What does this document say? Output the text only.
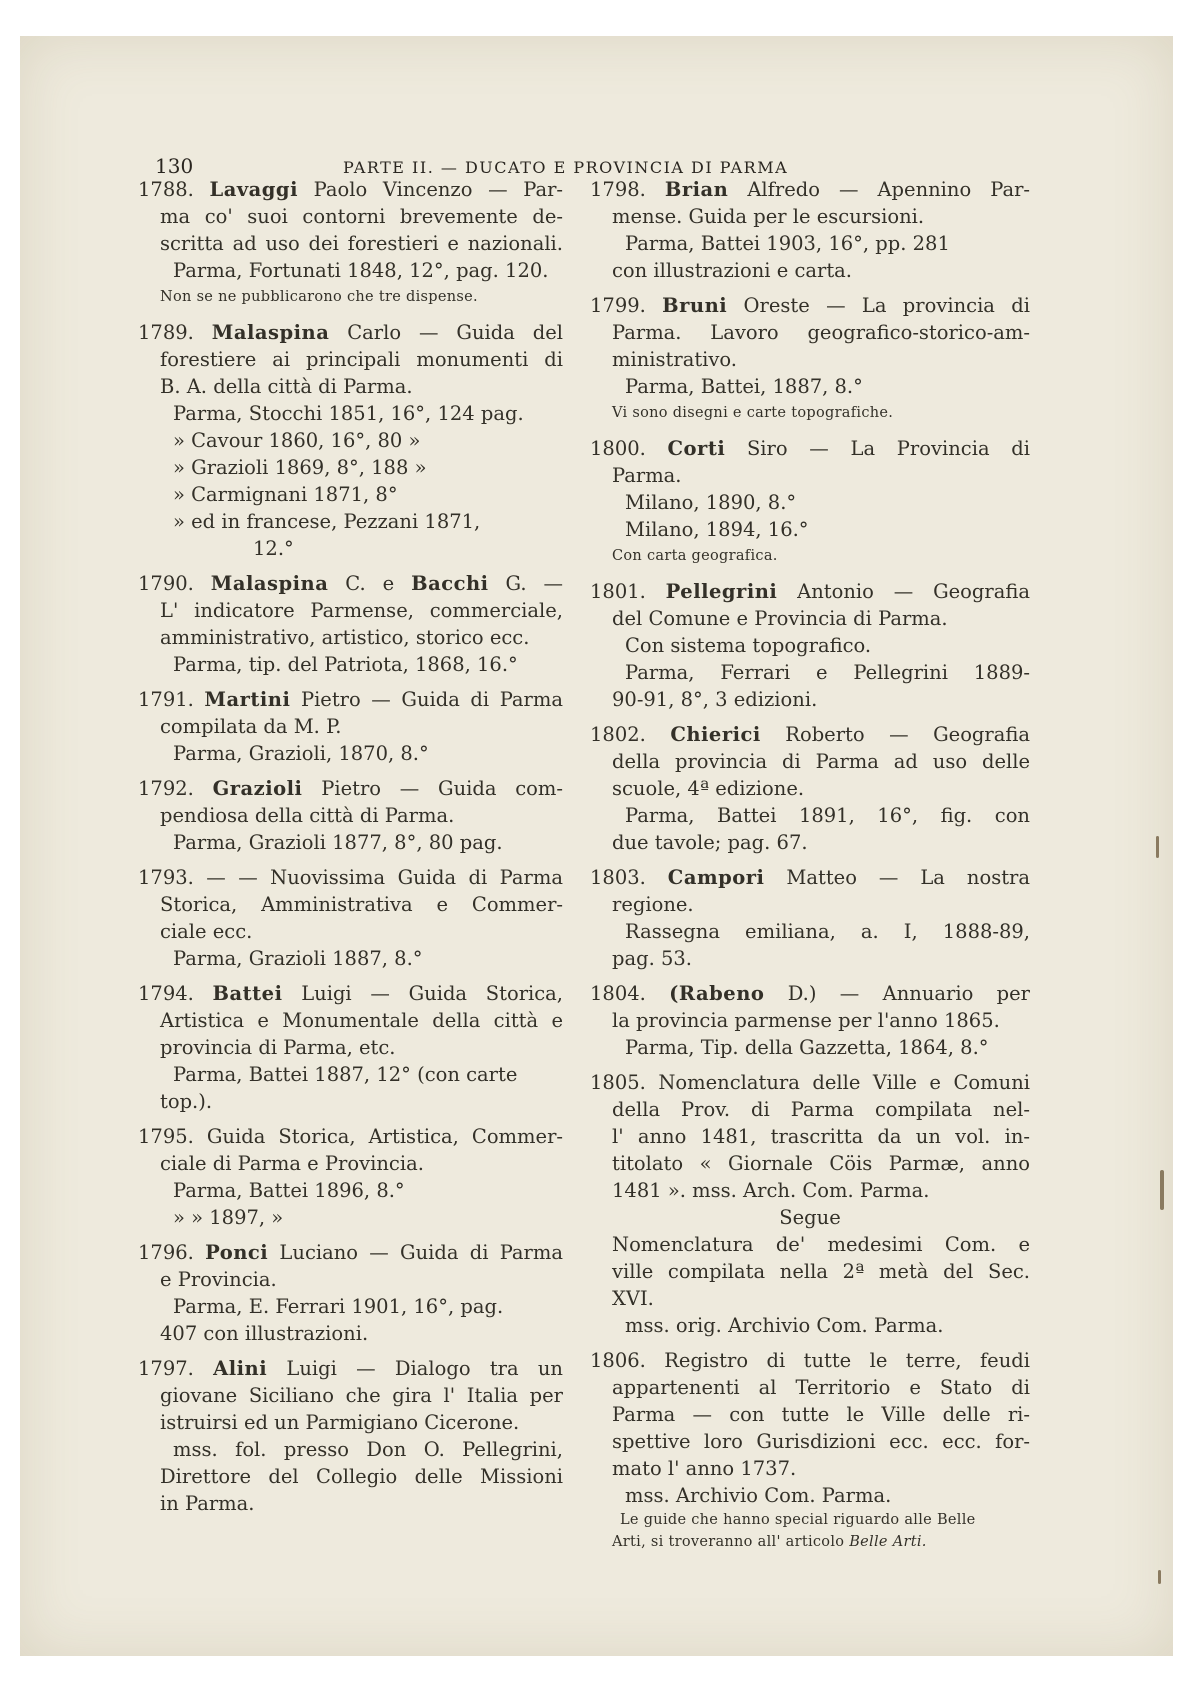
130	PARTE II. — DUCATO E PROVINCIA DI PARMA
1788. Lavaggi Paolo Vincenzo — Par-
ma co' suoi contorni brevemente de-
scritta ad uso dei forestieri e nazionali.
Parma, Fortunati 1848, 12°, pag. 120.
Non se ne pubblicarono che tre dispense.
1789. Malaspina Carlo — Guida del
forestiere ai principali monumenti di
B. A. della città di Parma.
Parma, Stocchi 1851, 16°, 124 pag.
» Cavour 1860, 16°, 80 »
» Grazioli 1869, 8°, 188 »
» Carmignani 1871, 8°
» ed in francese, Pezzani 1871,
12.°
1790. Malaspina C. e Bacchi G. —
L' indicatore Parmense, commerciale,
amministrativo, artistico, storico ecc.
Parma, tip. del Patriota, 1868, 16.°
1791. Martini Pietro — Guida di Parma
compilata da M. P.
Parma, Grazioli, 1870, 8.°
1792. Grazioli Pietro — Guida com-
pendiosa della città di Parma.
Parma, Grazioli 1877, 8°, 80 pag.
1793. — — Nuovissima Guida di Parma
Storica, Amministrativa e Commer-
ciale ecc.
Parma, Grazioli 1887, 8.°
1794. Battei Luigi — Guida Storica,
Artistica e Monumentale della città e
provincia di Parma, etc.
Parma, Battei 1887, 12° (con carte
top.).
1795. Guida Storica, Artistica, Commer-
ciale di Parma e Provincia.
Parma, Battei 1896, 8.°
» » 1897, »
1796. Ponci Luciano — Guida di Parma
e Provincia.
Parma, E. Ferrari 1901, 16°, pag.
407 con illustrazioni.
1797. Alini Luigi — Dialogo tra un
giovane Siciliano che gira l' Italia per
istruirsi ed un Parmigiano Cicerone.
mss. fol. presso Don O. Pellegrini,
Direttore del Collegio delle Missioni
in Parma.
1798. Brian Alfredo — Apennino Par-
mense. Guida per le escursioni.
Parma, Battei 1903, 16°, pp. 281
con illustrazioni e carta.
1799. Bruni Oreste — La provincia di
Parma. Lavoro geografico-storico-am-
ministrativo.
Parma, Battei, 1887, 8.°
Vi sono disegni e carte topografiche.
1800. Corti Siro — La Provincia di
Parma.
Milano, 1890, 8.°
Milano, 1894, 16.°
Con carta geografica.
1801. Pellegrini Antonio — Geografia
del Comune e Provincia di Parma.
Con sistema topografico.
Parma, Ferrari e Pellegrini 1889-
90-91, 8°, 3 edizioni.
1802. Chierici Roberto — Geografia
della provincia di Parma ad uso delle
scuole, 4ª edizione.
Parma, Battei 1891, 16°, fig. con
due tavole; pag. 67.
1803. Campori Matteo — La nostra
regione.
Rassegna emiliana, a. I, 1888-89,
pag. 53.
1804. (Rabeno D.) — Annuario per
la provincia parmense per l'anno 1865.
Parma, Tip. della Gazzetta, 1864, 8.°
1805. Nomenclatura delle Ville e Comuni
della Prov. di Parma compilata nel-
l' anno 1481, trascritta da un vol. in-
titolato « Giornale Cöis Parmæ, anno
1481 ». mss. Arch. Com. Parma.
Segue
Nomenclatura de' medesimi Com. e
ville compilata nella 2ª metà del Sec.
XVI.
mss. orig. Archivio Com. Parma.
1806. Registro di tutte le terre, feudi
appartenenti al Territorio e Stato di
Parma — con tutte le Ville delle ri-
spettive loro Gurisdizioni ecc. ecc. for-
mato l' anno 1737.
mss. Archivio Com. Parma.
Le guide che hanno special riguardo alle Belle
Arti, si troveranno all' articolo Belle Arti.
